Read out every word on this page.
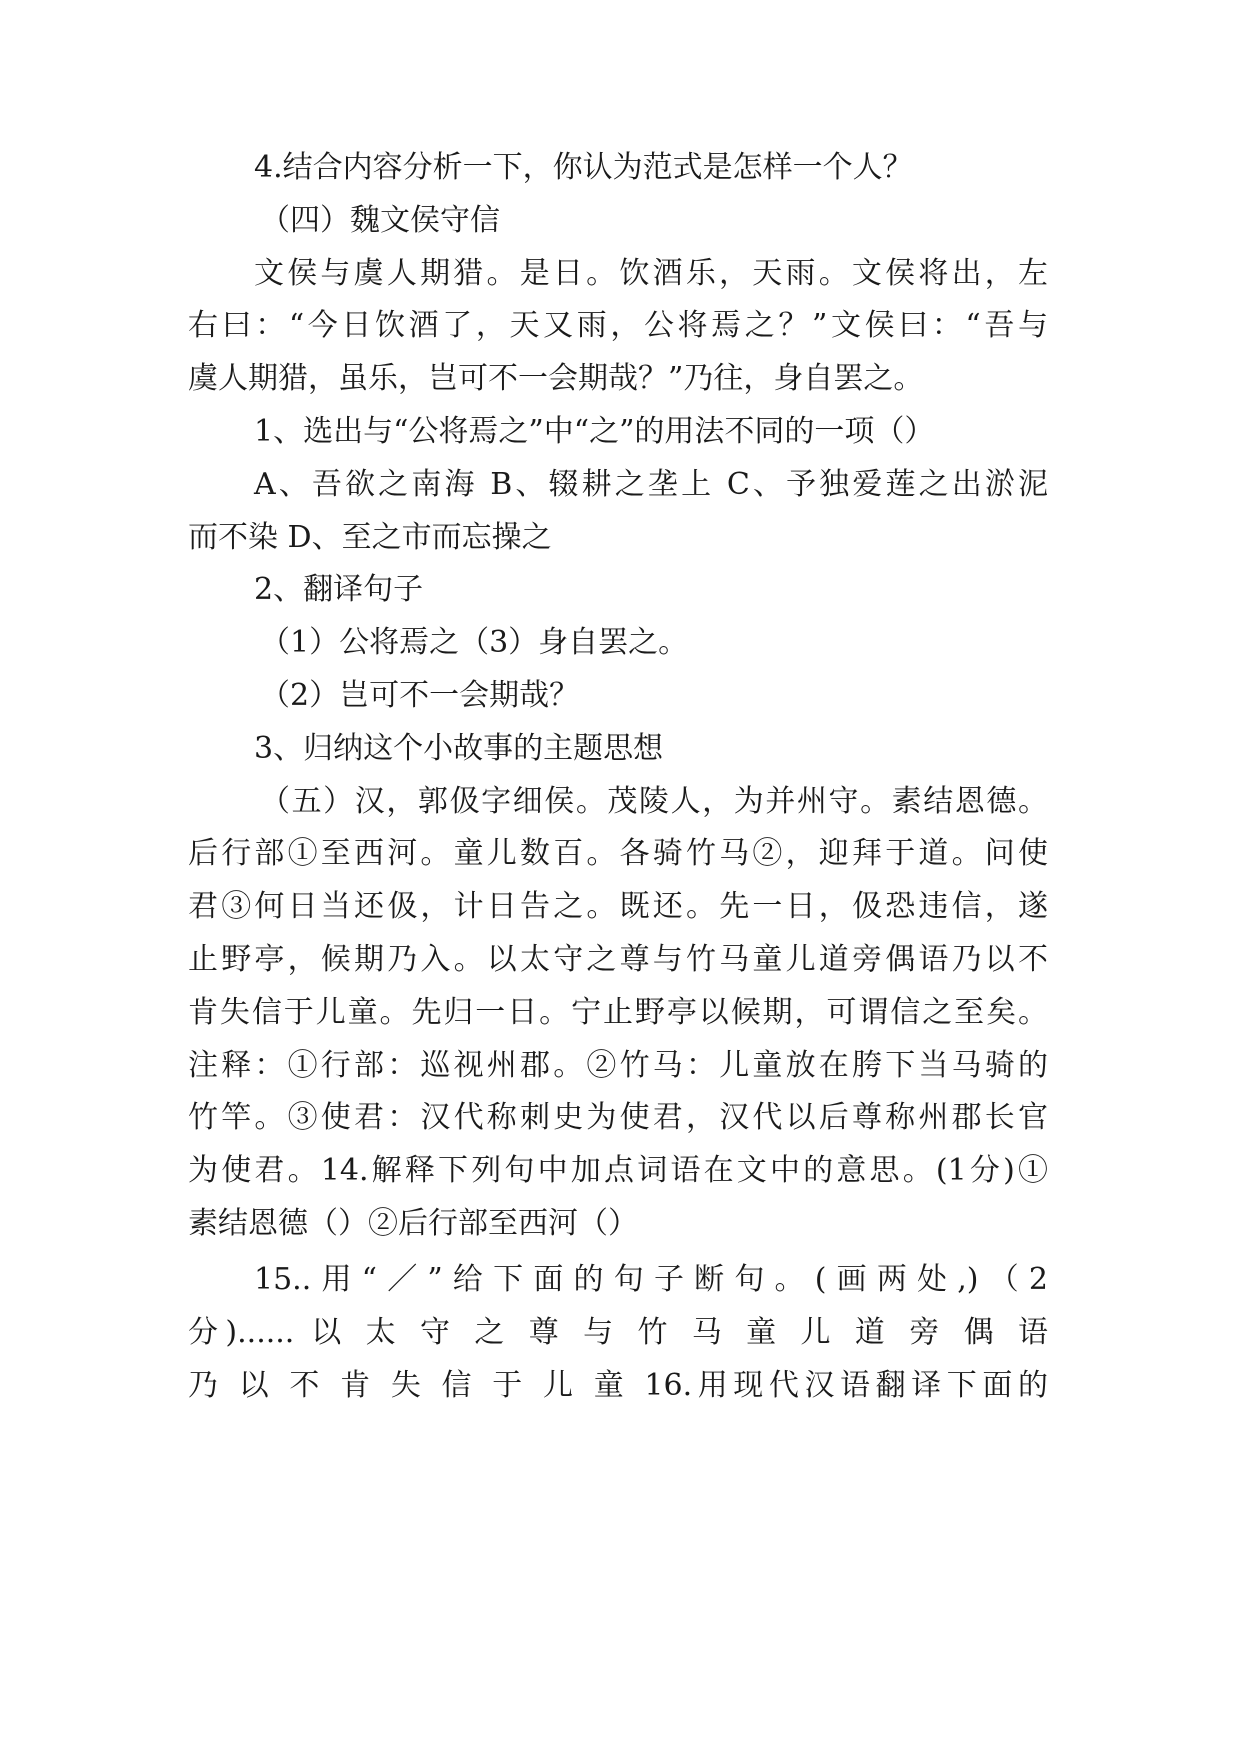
4.结合内容分析一下，你认为范式是怎样一个人？
（四）魏文侯守信
文侯与虞人期猎。是日。饮酒乐，天雨。文侯将出，左
右曰：“今日饮酒了，天又雨，公将焉之？”文侯曰：“吾与
虞人期猎，虽乐，岂可不一会期哉？”乃往，身自罢之。
1、选出与“公将焉之”中“之”的用法不同的一项（）
A、吾欲之南海 B、辍耕之垄上 C、予独爱莲之出淤泥
而不染 D、至之市而忘操之
2、翻译句子
（1）公将焉之（3）身自罢之。
（2）岂可不一会期哉？
3、归纳这个小故事的主题思想
（五）汉，郭伋字细侯。茂陵人，为并州守。素结恩德。
后行部①至西河。童儿数百。各骑竹马②，迎拜于道。问使
君③何日当还伋，计日告之。既还。先一日，伋恐违信，遂
止野亭，候期乃入。以太守之尊与竹马童儿道旁偶语乃以不
肯失信于儿童。先归一日。宁止野亭以候期，可谓信之至矣。
注释：①行部：巡视州郡。②竹马：儿童放在胯下当马骑的
竹竿。③使君：汉代称刺史为使君，汉代以后尊称州郡长官
为使君。14.解释下列句中加点词语在文中的意思。(1分)①
素结恩德（）②后行部至西河（）
15..用“／”给下面的句子断句。(画两处,)（2
分)...... 以 太 守 之 尊 与 竹 马 童 儿 道 旁 偶 语
乃 以 不 肯 失 信 于 儿 童 16.用现代汉语翻译下面的
